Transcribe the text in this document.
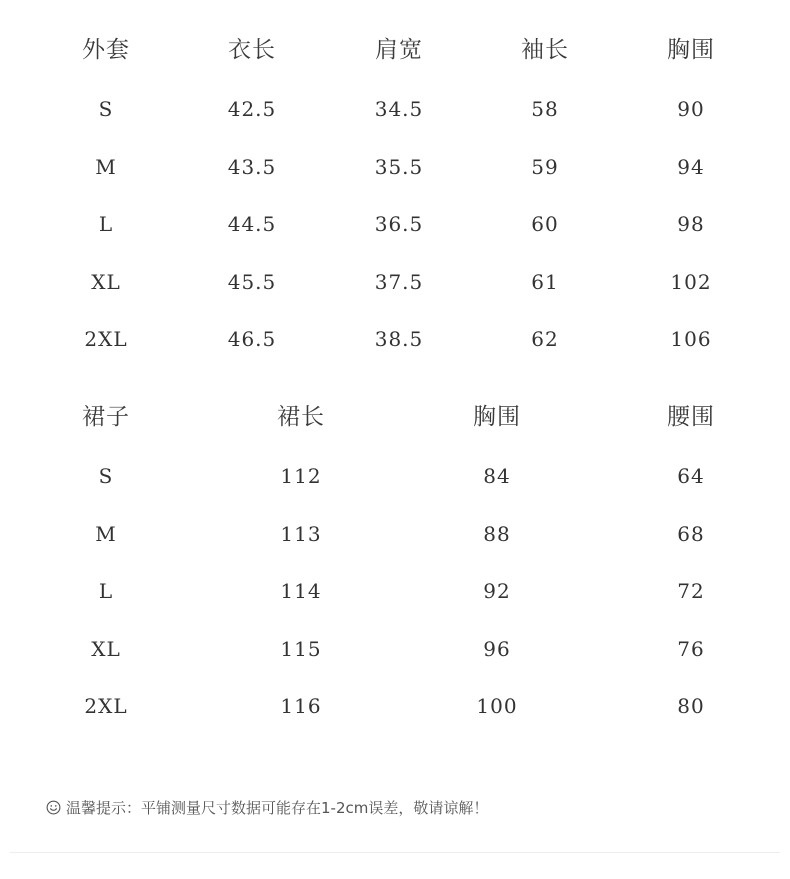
外套	衣长	肩宽	袖长	胸围
S	42.5	34.5	58	90
M	43.5	35.5	59	94
L	44.5	36.5	60	98
XL	45.5	37.5	61	102
2XL	46.5	38.5	62	106
裙子	裙长	胸围	腰围
S	112	84	64
M	113	88	68
L	114	92	72
XL	115	96	76
2XL	116	100	80
温馨提示：平铺测量尺寸数据可能存在1-2cm误差，敬请谅解！
